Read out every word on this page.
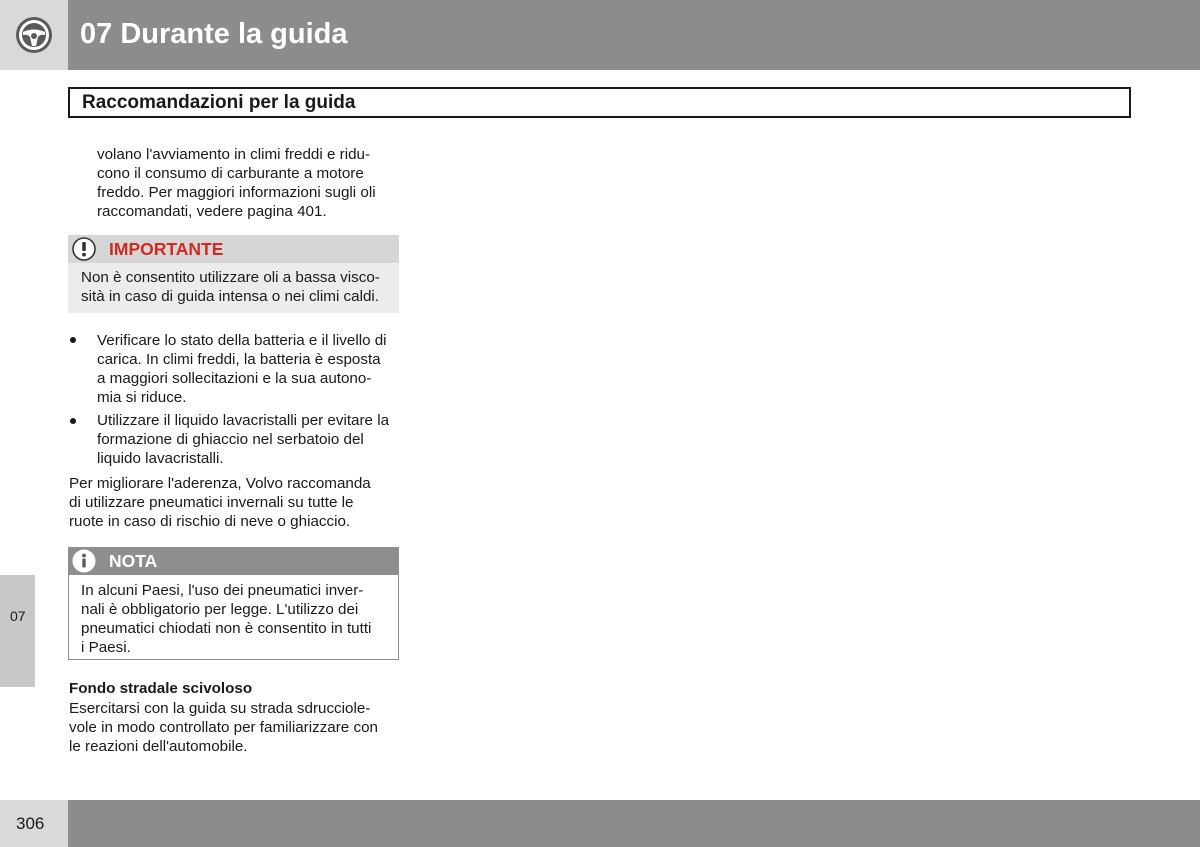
07 Durante la guida
Raccomandazioni per la guida
volano l'avviamento in climi freddi e ridu-
cono il consumo di carburante a motore
freddo. Per maggiori informazioni sugli oli
raccomandati, vedere pagina 401.
IMPORTANTE
Non è consentito utilizzare oli a bassa visco-
sità in caso di guida intensa o nei climi caldi.
Verificare lo stato della batteria e il livello di
carica. In climi freddi, la batteria è esposta
a maggiori sollecitazioni e la sua autono-
mia si riduce.
Utilizzare il liquido lavacristalli per evitare la
formazione di ghiaccio nel serbatoio del
liquido lavacristalli.
Per migliorare l'aderenza, Volvo raccomanda
di utilizzare pneumatici invernali su tutte le
ruote in caso di rischio di neve o ghiaccio.
NOTA
In alcuni Paesi, l'uso dei pneumatici inver-
nali è obbligatorio per legge. L'utilizzo dei
pneumatici chiodati non è consentito in tutti
i Paesi.
Fondo stradale scivoloso
Esercitarsi con la guida su strada sdrucciole-
vole in modo controllato per familiarizzare con
le reazioni dell'automobile.
07
306
